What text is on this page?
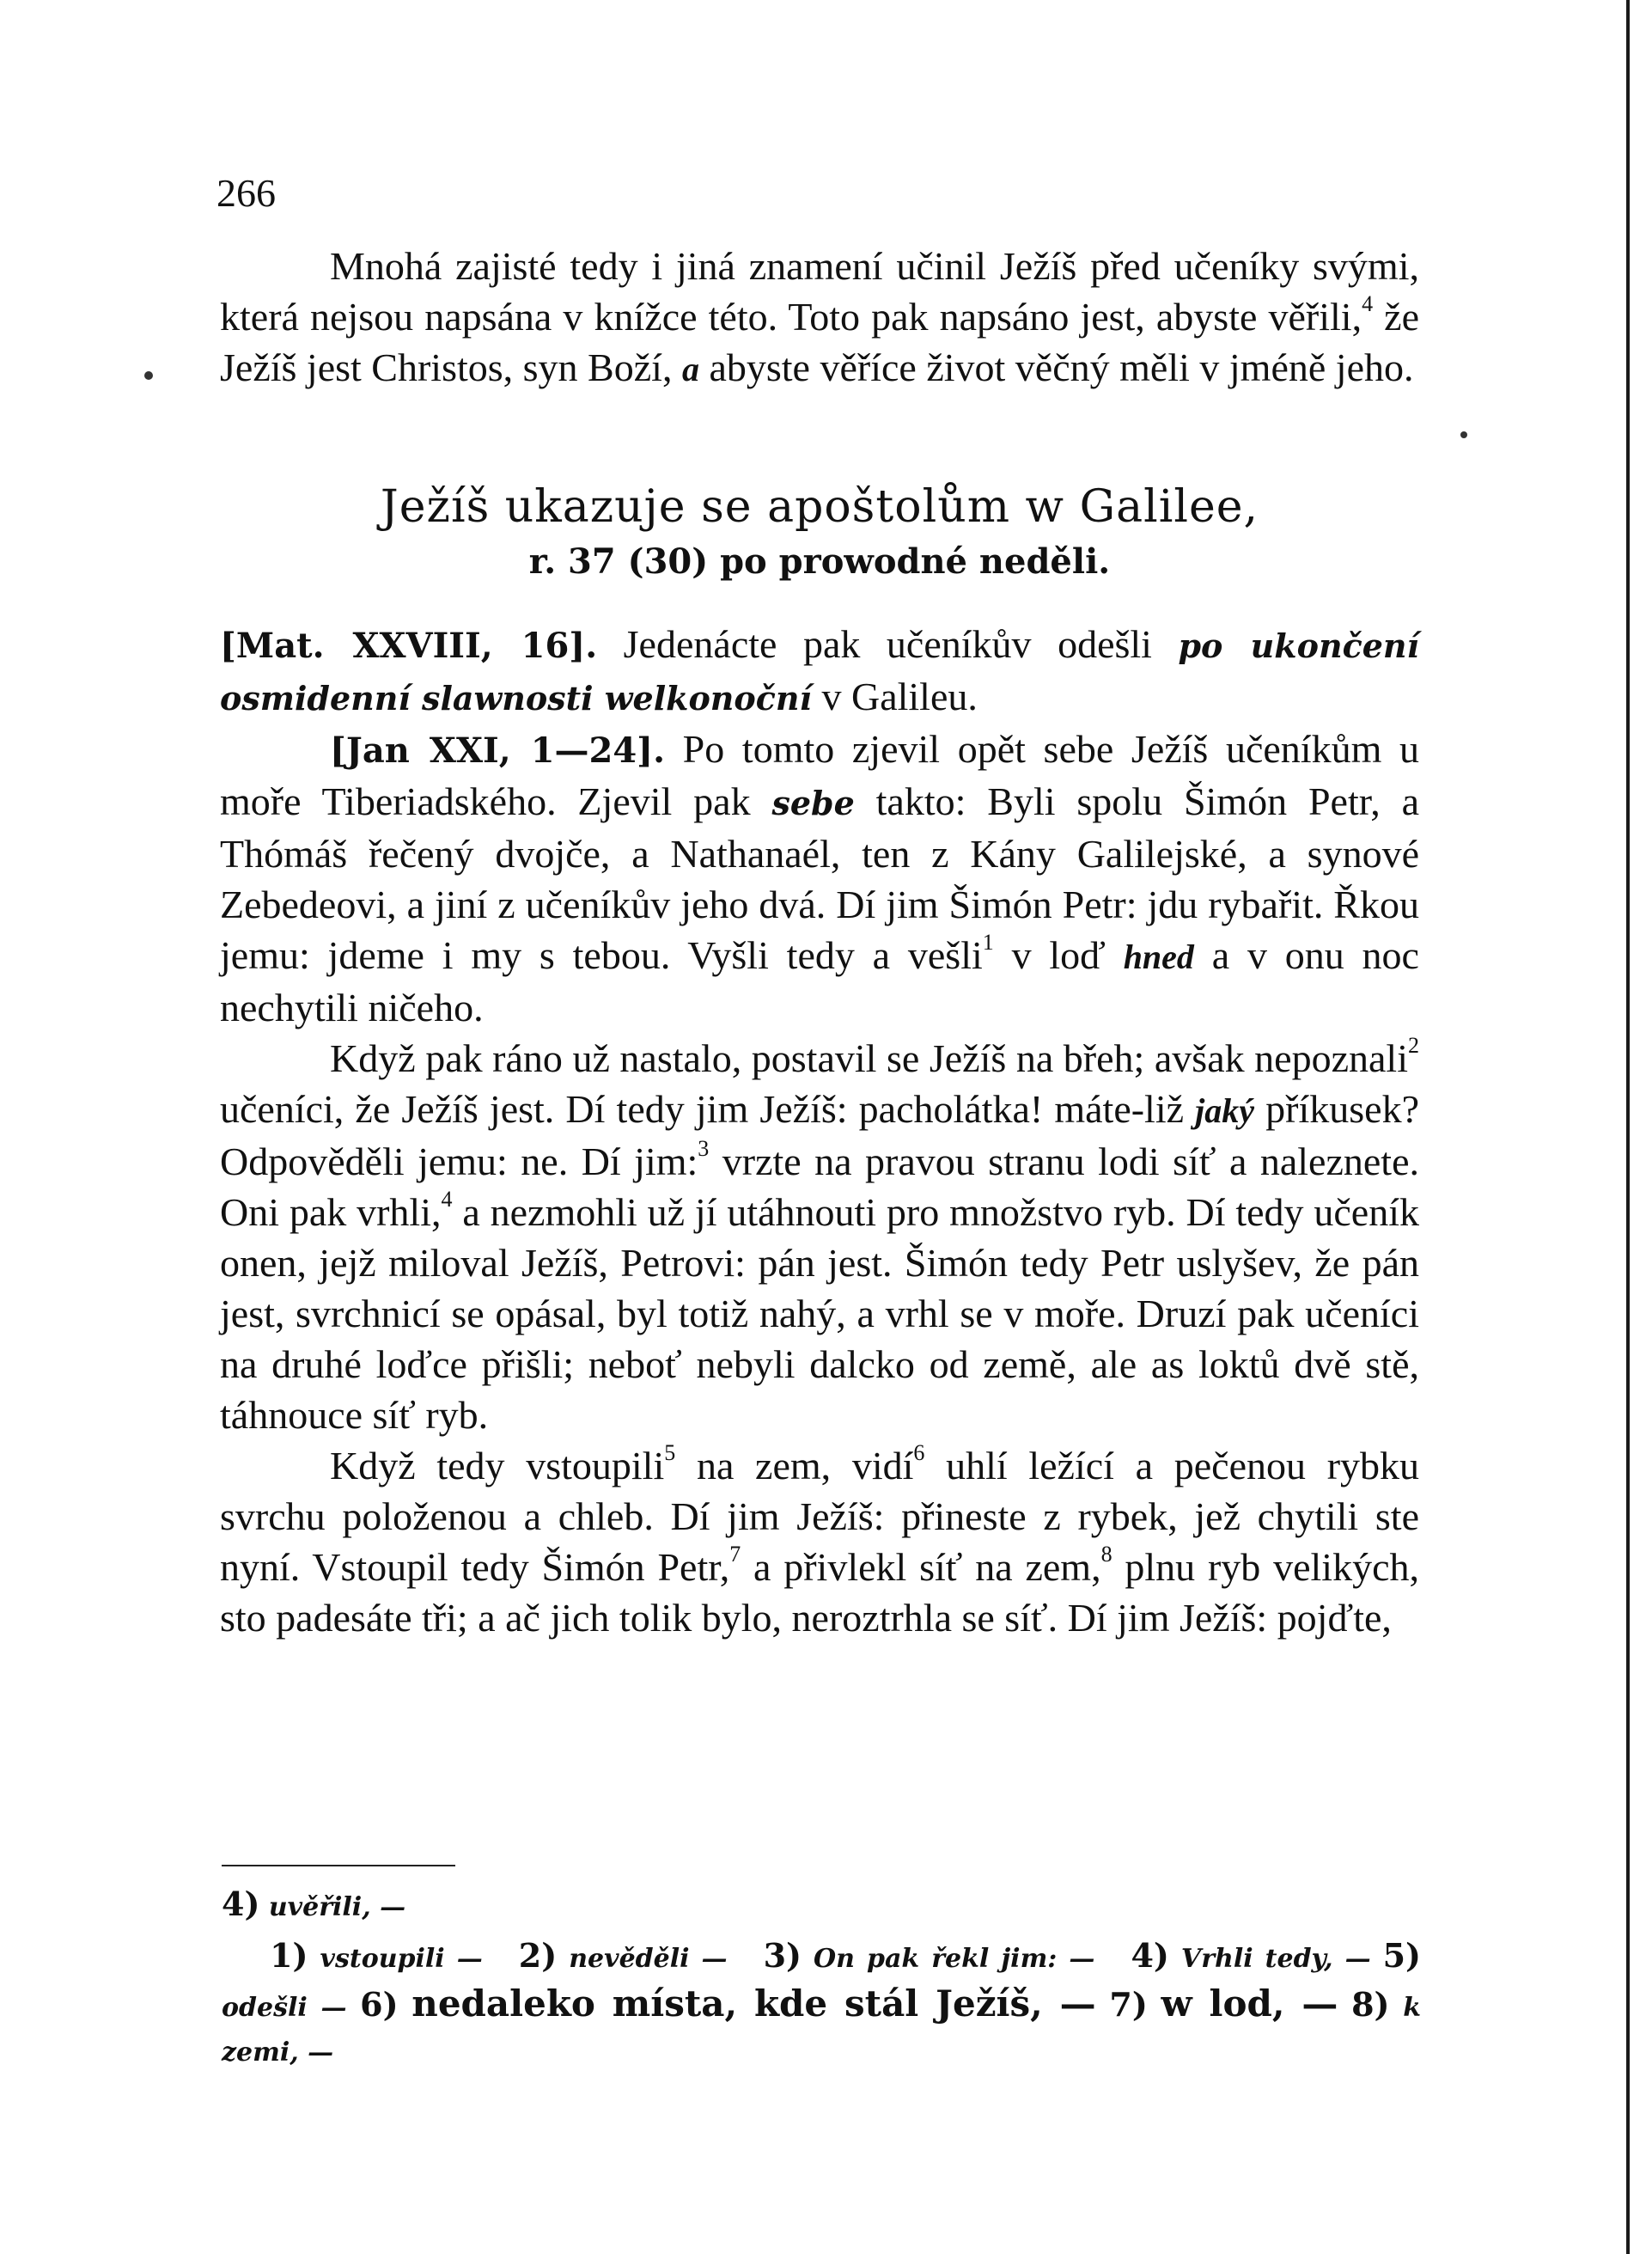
266

Mnohá zajisté tedy i jiná znamení učinil Ježíš před učeníky svými, která nejsou napsána v knížce této. Toto pak napsáno jest, abyste věřili,$^4$ že Ježíš jest Christos, syn Boží, a abyste věříce život věčný měli v jméně jeho.

Ježíš ukazuje se apoštolům w Galilee,

r. 37 (30) po prowodné neděli.

[Mat. XXVIII, 16]. Jedenácte pak učeníkův odešli po ukončení osmidenní slawnosti welkonoční v Galileu.
[Jan XXI, 1—24]. Po tomto zjevil opět sebe Ježíš učeníkům u moře Tiberiadského. Zjevil pak sebe takto: Byli spolu Šimón Petr, a Thómáš řečený dvojče, a Nathanaél, ten z Kány Galilejské, a synové Zebedeovi, a jiní z učeníkův jeho dvá. Dí jim Šimón Petr: jdu rybařit. Řkou jemu: jdeme i my s tebou. Vyšli tedy a vešli$^1$ v loď hned a v onu noc nechytili ničeho.
Když pak ráno už nastalo, postavil se Ježíš na břeh; avšak nepoznali$^2$ učeníci, že Ježíš jest. Dí tedy jim Ježíš: pacholátka! máte-liž jaký příkusek? Odpověděli jemu: ne. Dí jim:$^3$ vrzte na pravou stranu lodi síť a naleznete. Oni pak vrhli,$^4$ a nezmohli už jí utáhnouti pro množstvo ryb. Dí tedy učeník onen, jejž miloval Ježíš, Petrovi: pán jest. Šimón tedy Petr uslyšev, že pán jest, svrchnicí se opásal, byl totiž nahý, a vrhl se v moře. Druzí pak učeníci na druhé loďce přišli; neboť nebyli dalcko od země, ale as loktů dvě stě, táhnouce síť ryb.
Když tedy vstoupili$^5$ na zem, vidí$^6$ uhlí ležící a pečenou rybku svrchu položenou a chleb. Dí jim Ježíš: přineste z rybek, jež chytili ste nyní. Vstoupil tedy Šimón Petr,$^7$ a přivlekl síť na zem,$^8$ plnu ryb velikých, sto padesáte tři; a ač jich tolik bylo, neroztrhla se síť. Dí jim Ježíš: pojďte,

4) uvěřili, —

1) vstoupili — 2) nevěděli — 3) On pak řekl jim: — 4) Vrhli tedy, — 5) odešli — 6) nedaleko místa, kde stál Ježíš, — 7) w lod, — 8) k zemi, —
